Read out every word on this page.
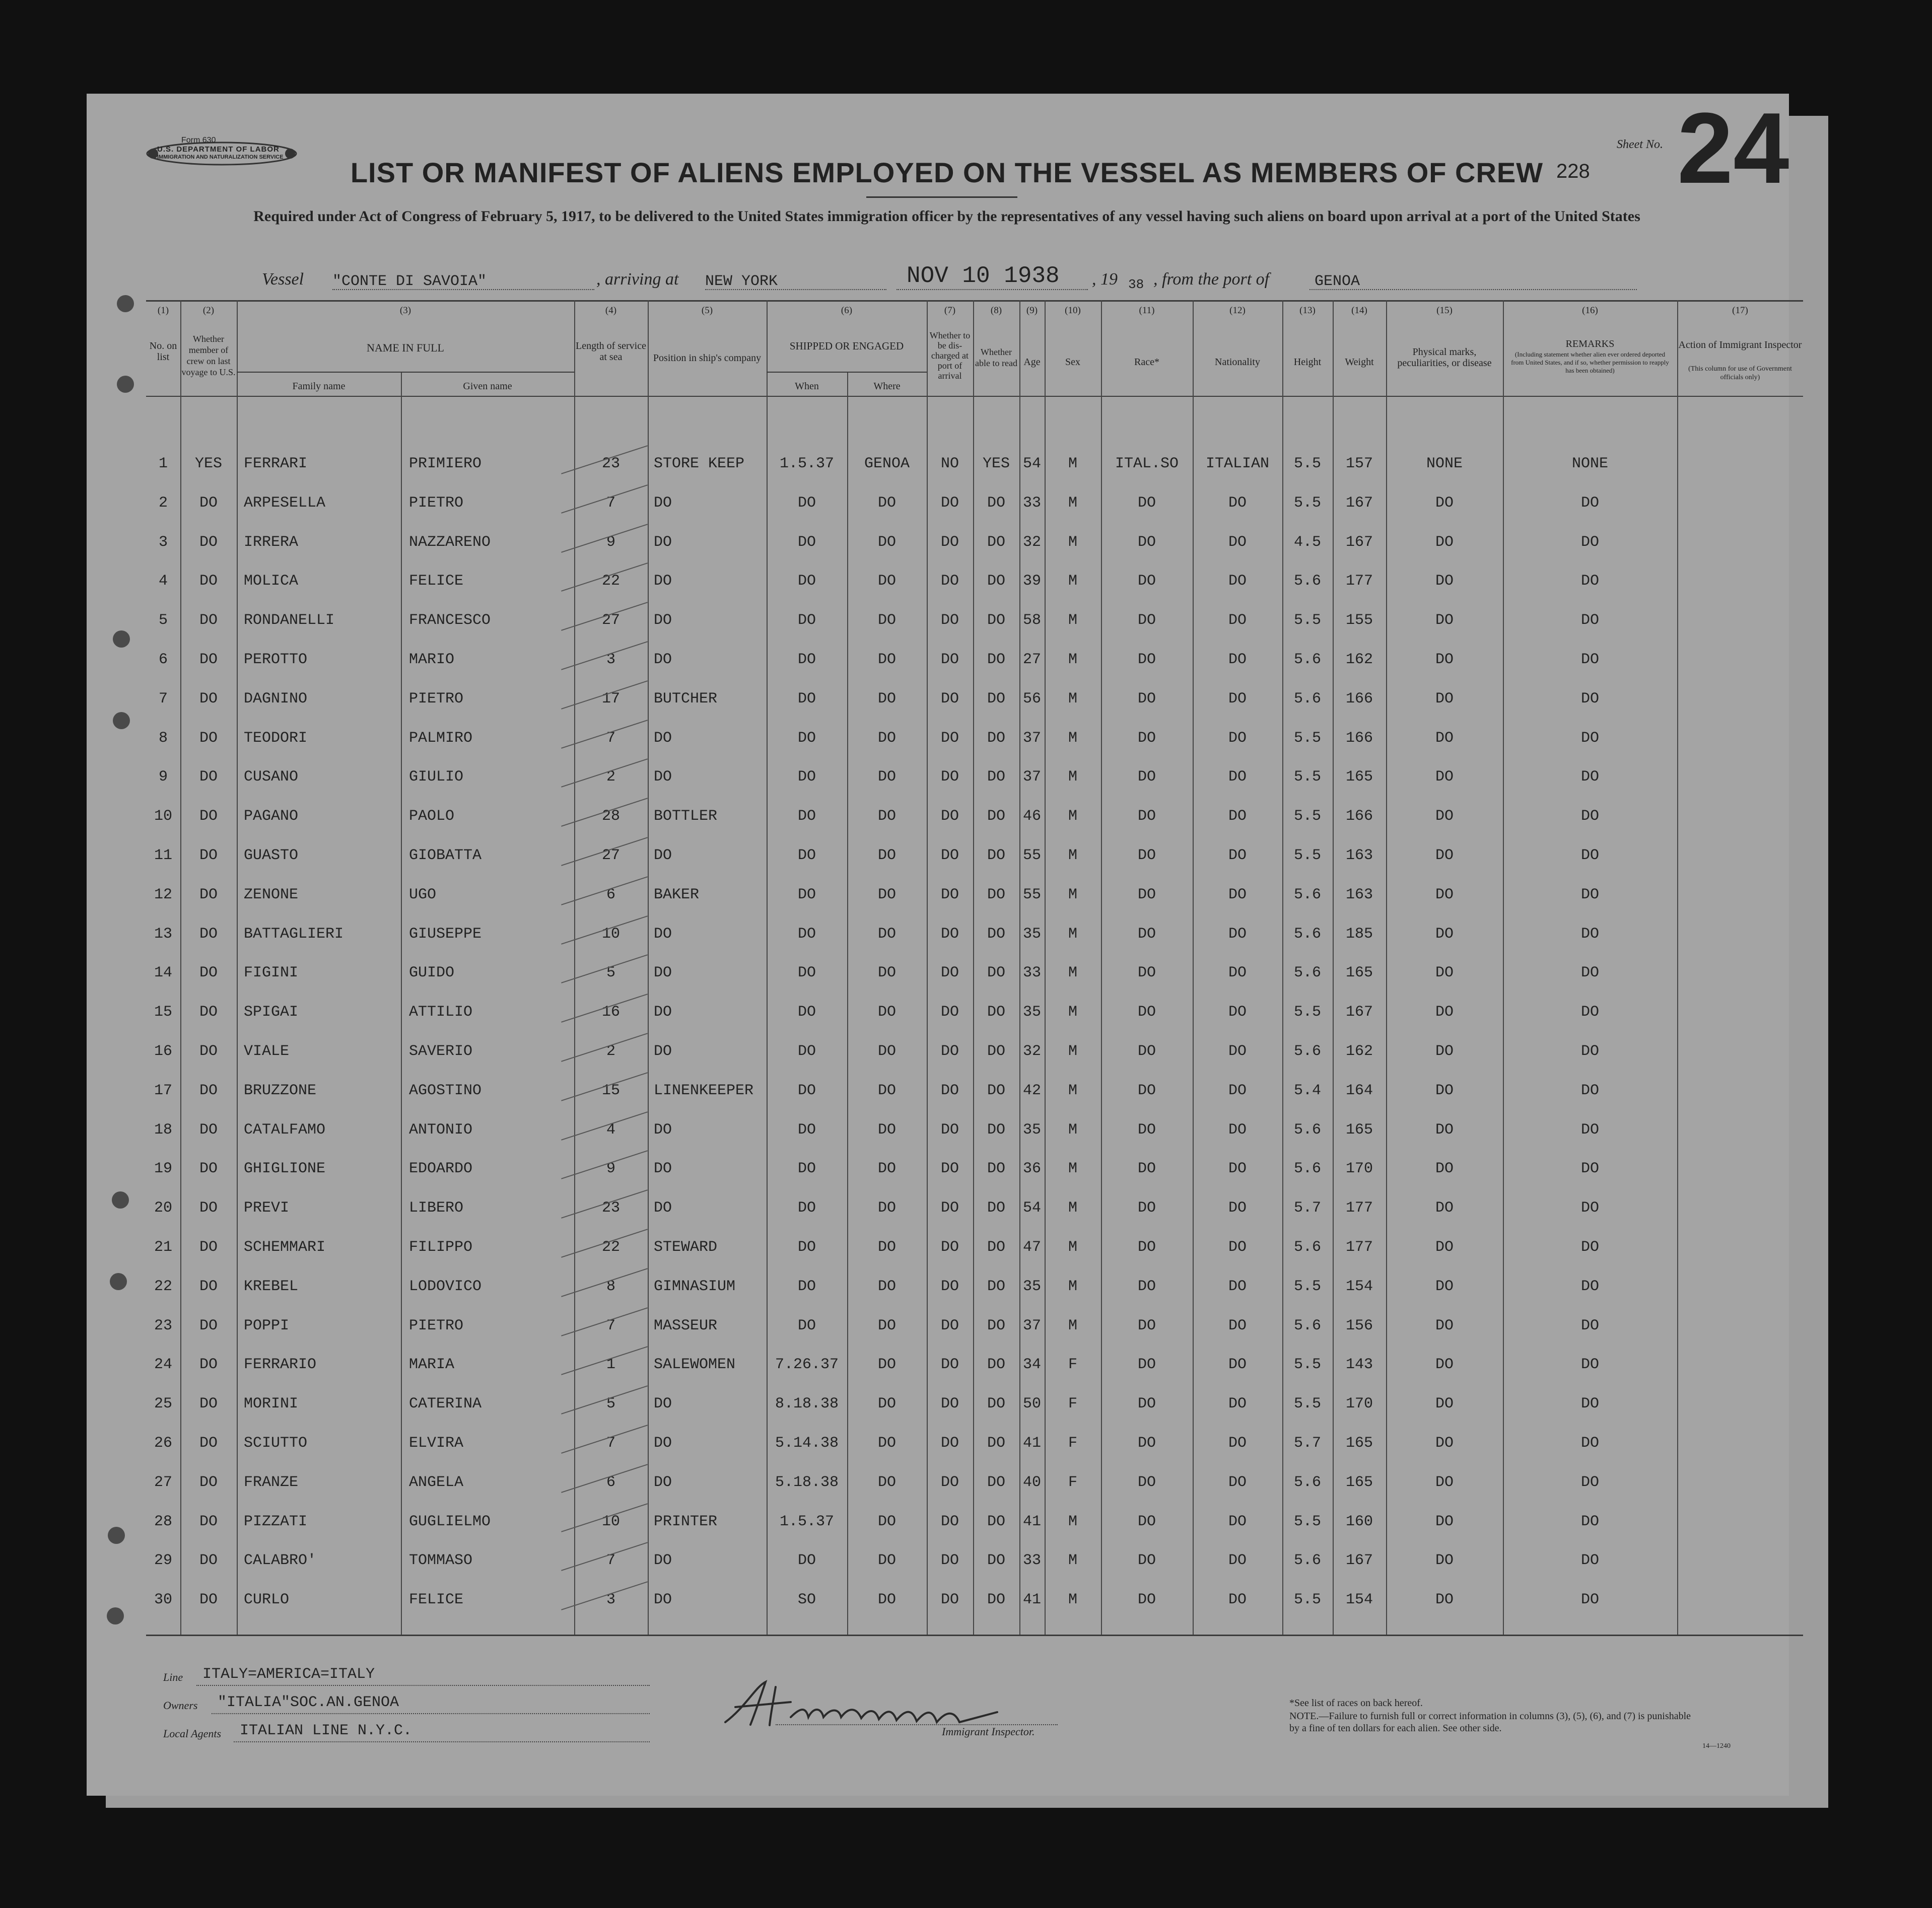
Form 630
U.S. DEPARTMENT OF LABOR
IMMIGRATION AND NATURALIZATION SERVICE	LIST OR MANIFEST OF ALIENS EMPLOYED ON THE VESSEL AS MEMBERS OF CREW
Required under Act of Congress of February 5, 1917, to be delivered to the United States immigration officer by the representatives of any vessel having such aliens on board upon arrival at a port of the United States
Sheet No. 24
228
Vessel "CONTE DI SAVOIA"	, arriving at NEW YORK	NOV 10 1938 , 19 38 , from the port of	GENOA
(1)	(2)	(3)	(4)	(5)	(6)	(7)	(8)	(9)	(10)	(11)	(12)	(13)	(14)	(15)	(16)	(17)
No. on list
Whether member of crew on last voyage to U.S.
NAME IN FULL
Family name	Given name
Length of service at sea	Position in ship's company
SHIPPED OR ENGAGED
When	Where
Whether to be dis-charged at port of arrival
Whether able to read Age	Sex	Race*	Nationality	Height	Weight
Physical marks, peculiarities, or disease
REMARKS
(Including statement whether alien ever ordered deported from United States, and if so, whether permission to reapply has been obtained)
Action of Immigrant Inspector
(This column for use of Government officials only)
1	YES	FERRARI	PRIMIERO	23	STORE KEEP	1.5.37	GENOA	NO	YES 54	M	ITAL.SO	ITALIAN	5.5	157	NONE	NONE
2	DO	ARPESELLA	PIETRO	7	DO	DO	DO	DO	DO	33	M	DO	DO	5.5	167	DO	DO
3	DO	IRRERA	NAZZARENO	9	DO	DO	DO	DO	DO	32	M	DO	DO	4.5	167	DO	DO
4	DO	MOLICA	FELICE	22	DO	DO	DO	DO	DO	39	M	DO	DO	5.6	177	DO	DO
5	DO	RONDANELLI	FRANCESCO	27	DO	DO	DO	DO	DO	58	M	DO	DO	5.5	155	DO	DO
6	DO	PEROTTO	MARIO	3	DO	DO	DO	DO	DO	27	M	DO	DO	5.6	162	DO	DO
7	DO	DAGNINO	PIETRO	17	BUTCHER	DO	DO	DO	DO	56	M	DO	DO	5.6	166	DO	DO
8	DO	TEODORI	PALMIRO	7	DO	DO	DO	DO	DO	37	M	DO	DO	5.5	166	DO	DO
9	DO	CUSANO	GIULIO	2	DO	DO	DO	DO	DO	37	M	DO	DO	5.5	165	DO	DO
10	DO	PAGANO	PAOLO	28	BOTTLER	DO	DO	DO	DO	46	M	DO	DO	5.5	166	DO	DO
11	DO	GUASTO	GIOBATTA	27	DO	DO	DO	DO	DO	55	M	DO	DO	5.5	163	DO	DO
12	DO	ZENONE	UGO	6	BAKER	DO	DO	DO	DO	55	M	DO	DO	5.6	163	DO	DO
13	DO	BATTAGLIERI	GIUSEPPE	10	DO	DO	DO	DO	DO	35	M	DO	DO	5.6	185	DO	DO
14	DO	FIGINI	GUIDO	5	DO	DO	DO	DO	DO	33	M	DO	DO	5.6	165	DO	DO
15	DO	SPIGAI	ATTILIO	16	DO	DO	DO	DO	DO	35	M	DO	DO	5.5	167	DO	DO
16	DO	VIALE	SAVERIO	2	DO	DO	DO	DO	DO	32	M	DO	DO	5.6	162	DO	DO
17	DO	BRUZZONE	AGOSTINO	15	LINENKEEPER	DO	DO	DO	DO	42	M	DO	DO	5.4	164	DO	DO
18	DO	CATALFAMO	ANTONIO	4	DO	DO	DO	DO	DO	35	M	DO	DO	5.6	165	DO	DO
19	DO	GHIGLIONE	EDOARDO	9	DO	DO	DO	DO	DO	36	M	DO	DO	5.6	170	DO	DO
20	DO	PREVI	LIBERO	23	DO	DO	DO	DO	DO	54	M	DO	DO	5.7	177	DO	DO
21	DO	SCHEMMARI	FILIPPO	22	STEWARD	DO	DO	DO	DO	47	M	DO	DO	5.6	177	DO	DO
22	DO	KREBEL	LODOVICO	8	GIMNASIUM	DO	DO	DO	DO	35	M	DO	DO	5.5	154	DO	DO
23	DO	POPPI	PIETRO	7	MASSEUR	DO	DO	DO	DO	37	M	DO	DO	5.6	156	DO	DO
24	DO	FERRARIO	MARIA	1	SALEWOMEN	7.26.37	DO	DO	DO	34	F	DO	DO	5.5	143	DO	DO
25	DO	MORINI	CATERINA	5	DO	8.18.38	DO	DO	DO	50	F	DO	DO	5.5	170	DO	DO
26	DO	SCIUTTO	ELVIRA	7	DO	5.14.38	DO	DO	DO	41	F	DO	DO	5.7	165	DO	DO
27	DO	FRANZE	ANGELA	6	DO	5.18.38	DO	DO	DO	40	F	DO	DO	5.6	165	DO	DO
28	DO	PIZZATI	GUGLIELMO	10	PRINTER	1.5.37	DO	DO	DO	41	M	DO	DO	5.5	160	DO	DO
29	DO	CALABRO'	TOMMASO	7	DO	DO	DO	DO	DO	33	M	DO	DO	5.6	167	DO	DO
30	DO	CURLO	FELICE	3	DO	SO	DO	DO	DO	41	M	DO	DO	5.5	154	DO	DO
Line ITALY=AMERICA=ITALY
Owners "ITALIA"SOC.AN.GENOA
Local Agents ITALIAN LINE N.Y.C.	Immigrant Inspector.
*See list of races on back hereof.
NOTE.—Failure to furnish full or correct information in columns (3), (5), (6), and (7) is punishable by a fine of ten dollars for each alien. See other side.
14—1240
